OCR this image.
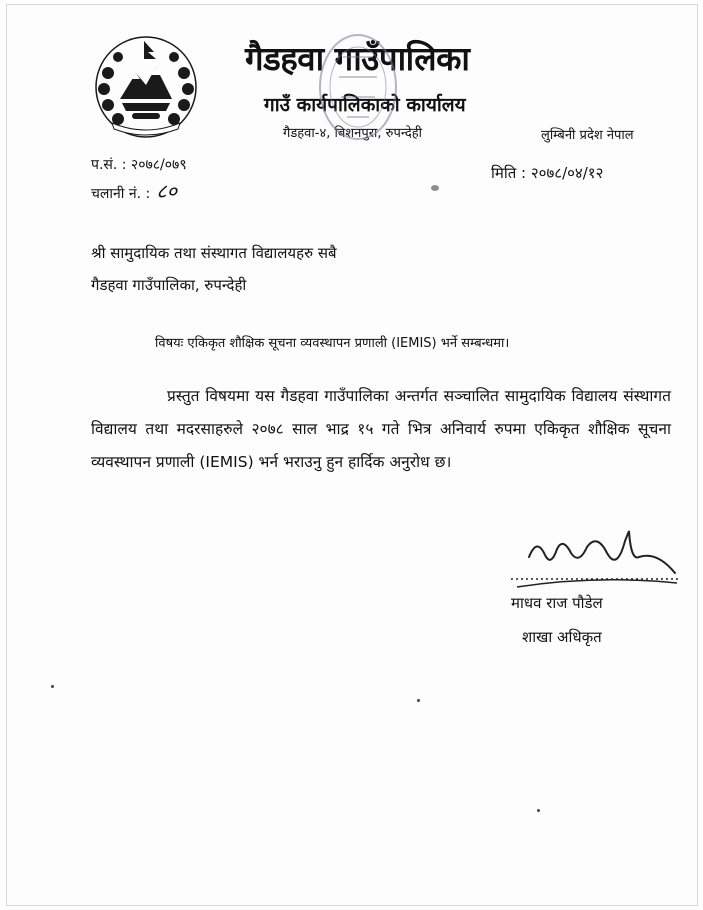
गैडहवा गाउँपालिका
गाउँ कार्यपालिकाको कार्यालय
गैडहवा-४, बिशनपुरा, रुपन्देही	लुम्बिनी प्रदेश नेपाल
प.सं. : २०७८/०७९
चलानी नं. : ८०
मिति : २०७८/०४/१२
श्री सामुदायिक तथा संस्थागत विद्यालयहरु सबै
गैडहवा गाउँपालिका, रुपन्देही
विषयः एकिकृत शौक्षिक सूचना व्यवस्थापन प्रणाली (IEMIS) भर्ने सम्बन्धमा।
प्रस्तुत विषयमा यस गैडहवा गाउँपालिका अन्तर्गत सञ्चालित सामुदायिक विद्यालय संस्थागत विद्यालय तथा मदरसाहरुले २०७८ साल भाद्र १५ गते भित्र अनिवार्य रुपमा एकिकृत शौक्षिक सूचना व्यवस्थापन प्रणाली (IEMIS) भर्न भराउनु हुन हार्दिक अनुरोध छ।
माधव राज पौडेल
शाखा अधिकृत
